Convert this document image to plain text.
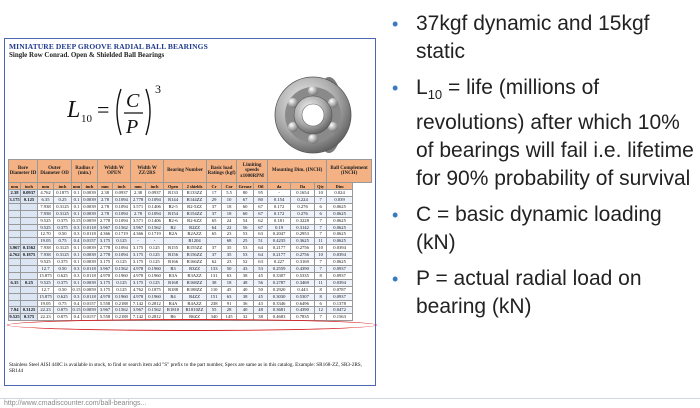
MINIATURE DEEP GROOVE RADIAL BALL BEARINGS
Single Row Conrad. Open & Shielded Ball Bearings
L 10 = C
P
3
Bore Diameter ID		Outer Diameter OD		Radius r (min.)		Width W OPEN		Width W ZZ/2RS		Bearing Number		Basic load Ratings (kgf)		Limiting speeds x1000RPM		Mounting Dim. (INCH)			Ball Complement (INCH)
mm	inch	mm	inch	mm	inch	mm	inch	mm	inch	Open	2 shields	Cr	Cor	Grease	Oil	da	Da	Qty	Dim
2.38	0.0937	4.762	0.1875	0.1	0.0039	2.38	0.0937	2.38	0.0937	R133	R133ZZ	17	5.5	80	95	-	0.1654	10	0.024
3.175	0.125	6.35	0.25	0.1	0.0039	2.78	0.1094	2.778	0.1094	R144	R144ZZ	29	10	67	80	0.154	0.224	7	0.039
		7.938	0.3125	0.1	0.0039	2.78	0.1094	3.571	0.1406	R2-5	R2-5ZZ	37	18	60	67	0.172	0.276	6	0.0625
		7.938	0.3125	0.1	0.0039	2.78	0.1094	2.78	0.1094	R154	R154ZZ	37	18	60	67	0.172	0.276	6	0.0625
		9.525	0.375	0.15	0.0059	2.778	0.1094	3.571	0.1406	R2-6	R2-6ZZ	65	24	54	62	0.181	0.3228	7	0.0625
		9.525	0.375	0.3	0.0118	3.967	0.1562	3.967	0.1562	R2	R2ZZ	64	22	56	67	0.19	0.3142	7	0.0625
		12.70	0.50	0.3	0.0118	4.366	0.1719	4.366	0.1719	R2A	R2AZZ	65	23	53	63	0.2047	0.2953	7	0.0625
		19.05	0.75	0.4	0.0157	3.175	0.125	-	-		R1204		68	25	51	0.4235	0.3625	11	0.0625
3.967	0.1562	7.938	0.3125	0.1	0.0039	2.778	0.1094	3.175	0.125	R155	R155ZZ	37	35	53	64	0.2177	0.2756	10	0.0394
4.762	0.1875	7.938	0.3125	0.1	0.0039	2.778	0.1094	3.175	0.125	R156	R156ZZ	37	35	53	64	0.2177	0.2756	10	0.0394
		9.525	0.375	0.1	0.0039	3.175	0.125	3.175	0.125	R166	R166ZZ	62	23	52	63	0.227	0.3169	7	0.0625
		12.7	0.50	0.3	0.0118	3.967	0.1562	4.978	0.1960	R3	R3ZZ	133	50	43	53	0.2559	0.4390	7	0.0937
		15.875	0.625	0.3	0.0118	4.978	0.1960	4.978	0.1960	R3A	R3AZZ	131	63	38	45	0.3307	0.5335	8	0.0937
6.35	0.25	9.525	0.375	0.1	0.0039	3.175	0.125	3.175	0.125	R168	R168ZZ	38	18	48	56	0.2787	0.3469	11	0.0394
		12.7	0.50	0.15	0.0059	3.175	0.125	4.762	0.1875	R188	R188ZZ	110	45	40	50	0.2920	0.443	8	0.0787
		15.875	0.625	0.3	0.0118	4.978	0.1960	4.978	0.1960	R4	R4ZZ	151	63	38	45	0.3030	0.5307	8	0.0937
		19.05	0.75	0.4	0.0157	5.558	0.2188	7.142	0.2812	R4A	R4AZZ	238	91	36	43	0.3346	0.6496	6	0.1378
7.94	0.3125	22.23	0.875	0.15	0.0059	3.967	0.1562	3.967	0.1562	R1810	R1810ZZ	55	28	40	48	0.3681	0.4390	12	0.0472
9.525	0.375	22.23	0.875	0.4	0.0157	5.558	0.2188	7.142	0.2812	R6	R6ZZ	340	145	32	38	0.4683	0.7835	7	0.1563
Stainless Steel AISI 440C is available in stock, to find or search item add "S" prefix to the part number, Specs are same as in this catalog. Example: SR168-ZZ, SR3-2RS, SR144
• 37kgf dynamic and 15kgf static
• $L_{10}$ = life (millions of revolutions) after which 10% of bearings will fail i.e. lifetime for 90% probability of survival
• C = basic dynamic loading (kN)
• P = actual radial load on bearing (kN)
http://www.cmadiscounter.com/ball-bearings...
